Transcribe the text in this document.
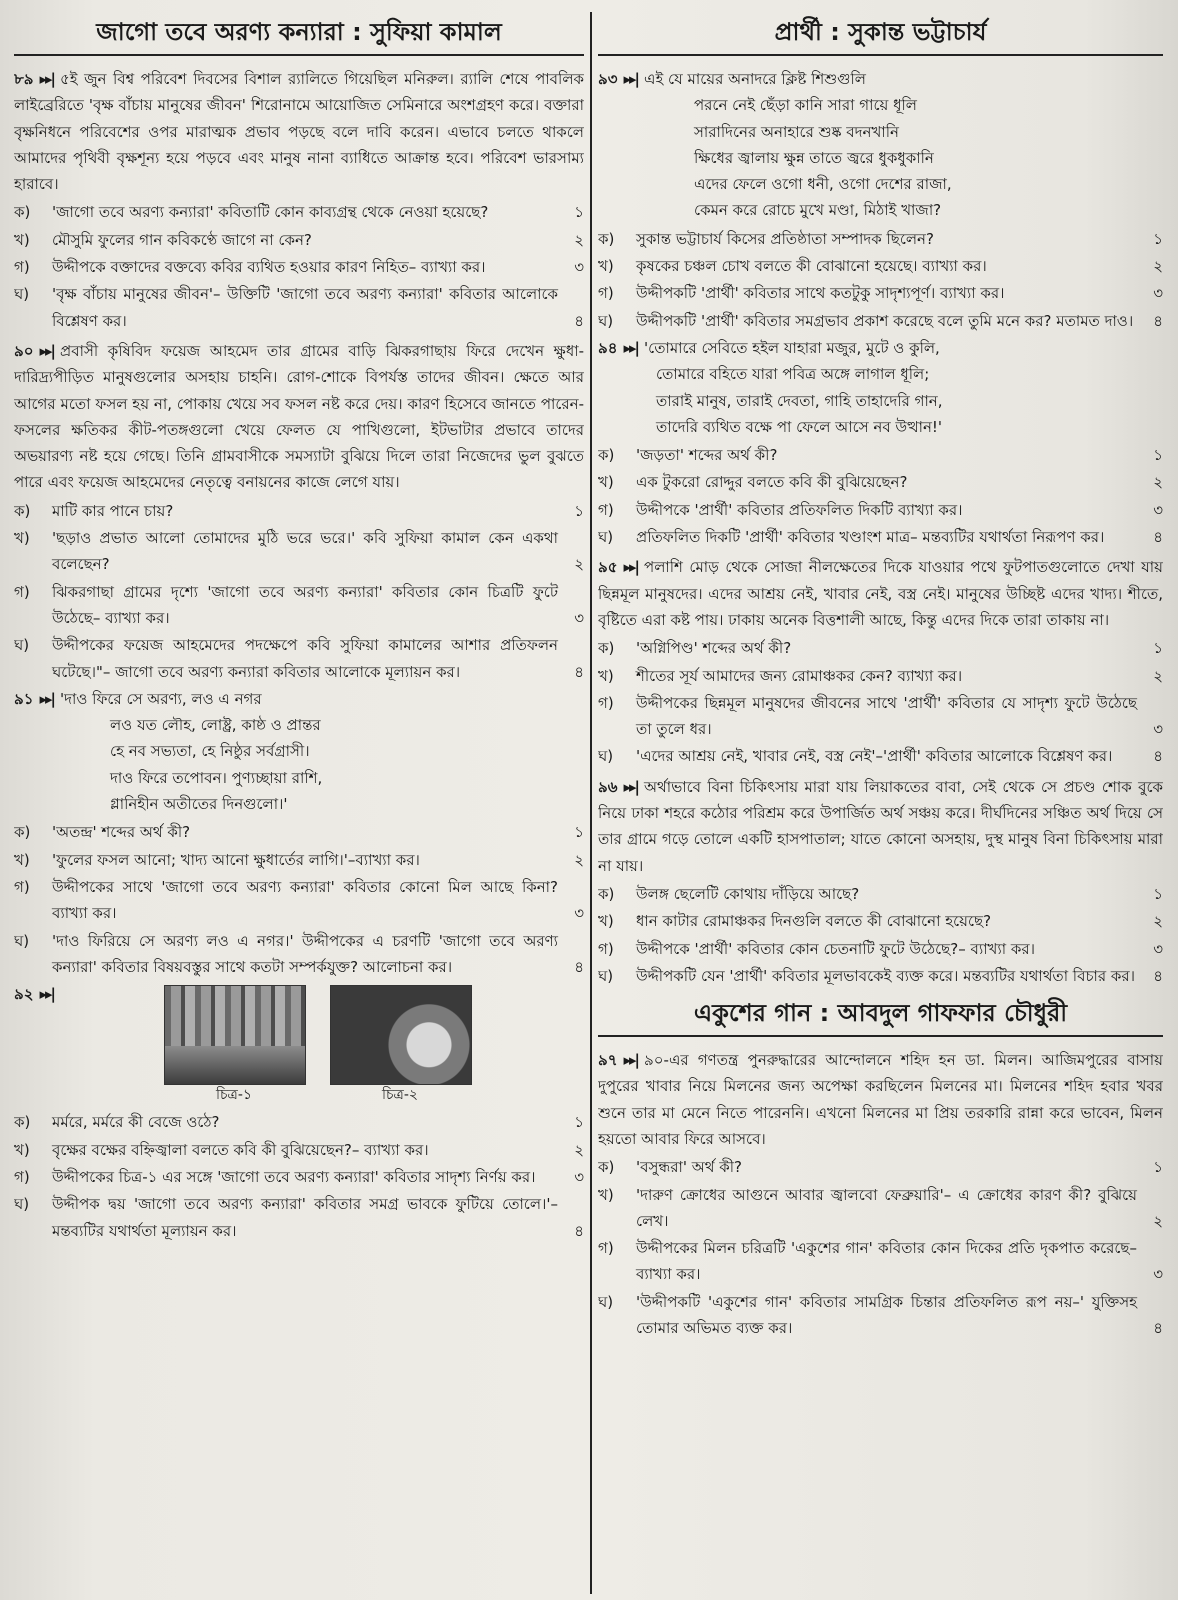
জাগো তবে অরণ্য কন্যারা : সুফিয়া কামাল

৮৯ ▸▸| ৫ই জুন বিশ্ব পরিবেশ দিবসের বিশাল র‍্যালিতে গিয়েছিল মনিরুল। র‍্যালি শেষে পাবলিক লাইব্রেরিতে 'বৃক্ষ বাঁচায় মানুষের জীবন' শিরোনামে আয়োজিত সেমিনারে অংশগ্রহণ করে। বক্তারা বৃক্ষনিধনে পরিবেশের ওপর মারাত্মক প্রভাব পড়ছে বলে দাবি করেন। এভাবে চলতে থাকলে আমাদের পৃথিবী বৃক্ষশূন্য হয়ে পড়বে এবং মানুষ নানা ব্যাধিতে আক্রান্ত হবে। পরিবেশ ভারসাম্য হারাবে।

ক)	'জাগো তবে অরণ্য কন্যারা' কবিতাটি কোন কাব্যগ্রন্থ থেকে নেওয়া হয়েছে?	১
খ)	মৌসুমি ফুলের গান কবিকণ্ঠে জাগে না কেন?	২
গ)	উদ্দীপকে বক্তাদের বক্তব্যে কবির ব্যথিত হওয়ার কারণ নিহিত– ব্যাখ্যা কর।	৩
ঘ)	'বৃক্ষ বাঁচায় মানুষের জীবন'– উক্তিটি 'জাগো তবে অরণ্য কন্যারা' কবিতার আলোকে বিশ্লেষণ কর।	৪

৯০ ▸▸| প্রবাসী কৃষিবিদ ফয়েজ আহমেদ তার গ্রামের বাড়ি ঝিকরগাছায় ফিরে দেখেন ক্ষুধা-দারিদ্র্যপীড়িত মানুষগুলোর অসহায় চাহনি। রোগ-শোকে বিপর্যস্ত তাদের জীবন। ক্ষেতে আর আগের মতো ফসল হয় না, পোকায় খেয়ে সব ফসল নষ্ট করে দেয়। কারণ হিসেবে জানতে পারেন- ফসলের ক্ষতিকর কীট-পতঙ্গগুলো খেয়ে ফেলত যে পাখিগুলো, ইটভাটার প্রভাবে তাদের অভয়ারণ্য নষ্ট হয়ে গেছে। তিনি গ্রামবাসীকে সমস্যাটা বুঝিয়ে দিলে তারা নিজেদের ভুল বুঝতে পারে এবং ফয়েজ আহমেদের নেতৃত্বে বনায়নের কাজে লেগে যায়।

ক)	মাটি কার পানে চায়?	১
খ)	'ছড়াও প্রভাত আলো তোমাদের মুঠি ভরে ভরে।' কবি সুফিয়া কামাল কেন একথা বলেছেন?	২
গ)	ঝিকরগাছা গ্রামের দৃশ্যে 'জাগো তবে অরণ্য কন্যারা' কবিতার কোন চিত্রটি ফুটে উঠেছে– ব্যাখ্যা কর।	৩
ঘ)	উদ্দীপকের ফয়েজ আহমেদের পদক্ষেপে কবি সুফিয়া কামালের আশার প্রতিফলন ঘটেছে।"– জাগো তবে অরণ্য কন্যারা কবিতার আলোকে মূল্যায়ন কর।	৪
৯১ ▸▸| 'দাও ফিরে সে অরণ্য, লও এ নগর
লও যত লৌহ, লোষ্ট্র, কাষ্ঠ ও প্রান্তর
হে নব সভ্যতা, হে নিষ্ঠুর সর্বগ্রাসী।
দাও ফিরে তপোবন। পুণ্যচ্ছায়া রাশি,
গ্লানিহীন অতীতের দিনগুলো।'
ক)	'অতন্দ্র' শব্দের অর্থ কী?	১
খ)	'ফুলের ফসল আনো; খাদ্য আনো ক্ষুধার্তের লাগি।'–ব্যাখ্যা কর।	২
গ)	উদ্দীপকের সাথে 'জাগো তবে অরণ্য কন্যারা' কবিতার কোনো মিল আছে কিনা? ব্যাখ্যা কর।	৩
ঘ)	'দাও ফিরিয়ে সে অরণ্য লও এ নগর।' উদ্দীপকের এ চরণটি 'জাগো তবে অরণ্য কন্যারা' কবিতার বিষয়বস্তুর সাথে কতটা সম্পর্কযুক্ত? আলোচনা কর।	৪
৯২ ▸▸|
চিত্র-১	চিত্র-২
ক)	মর্মরে, মর্মরে কী বেজে ওঠে?	১
খ)	বৃক্ষের বক্ষের বহ্নিজ্বালা বলতে কবি কী বুঝিয়েছেন?– ব্যাখ্যা কর।	২
গ)	উদ্দীপকের চিত্র-১ এর সঙ্গে 'জাগো তবে অরণ্য কন্যারা' কবিতার সাদৃশ্য নির্ণয় কর।	৩
ঘ)	উদ্দীপক দ্বয় 'জাগো তবে অরণ্য কন্যারা' কবিতার সমগ্র ভাবকে ফুটিয়ে তোলে।'– মন্তব্যটির যথার্থতা মূল্যায়ন কর।	৪
প্রার্থী : সুকান্ত ভট্টাচার্য
৯৩ ▸▸| এই যে মায়ের অনাদরে ক্লিষ্ট শিশুগুলি
পরনে নেই ছেঁড়া কানি সারা গায়ে ধূলি
সারাদিনের অনাহারে শুষ্ক বদনখানি
ক্ষিধের জ্বালায় ক্ষুন্ন তাতে জ্বরে ধুকধুকানি
এদের ফেলে ওগো ধনী, ওগো দেশের রাজা,
কেমন করে রোচে মুখে মণ্ডা, মিঠাই খাজা?
ক)	সুকান্ত ভট্টাচার্য কিসের প্রতিষ্ঠাতা সম্পাদক ছিলেন?	১
খ)	কৃষকের চঞ্চল চোখ বলতে কী বোঝানো হয়েছে। ব্যাখ্যা কর।	২
গ)	উদ্দীপকটি 'প্রার্থী' কবিতার সাথে কতটুকু সাদৃশ্যপূর্ণ। ব্যাখ্যা কর।	৩
ঘ)	উদ্দীপকটি 'প্রার্থী' কবিতার সমগ্রভাব প্রকাশ করেছে বলে তুমি মনে কর? মতামত দাও।	৪
৯৪ ▸▸| 'তোমারে সেবিতে হইল যাহারা মজুর, মুটে ও কুলি,
তোমারে বহিতে যারা পবিত্র অঙ্গে লাগাল ধূলি;
তারাই মানুষ, তারাই দেবতা, গাহি তাহাদেরি গান,
তাদেরি ব্যথিত বক্ষে পা ফেলে আসে নব উত্থান!'
ক)	'জড়তা' শব্দের অর্থ কী?	১
খ)	এক টুকরো রোদ্দুর বলতে কবি কী বুঝিয়েছেন?	২
গ)	উদ্দীপকে 'প্রার্থী' কবিতার প্রতিফলিত দিকটি ব্যাখ্যা কর।	৩
ঘ)	প্রতিফলিত দিকটি 'প্রার্থী' কবিতার খণ্ডাংশ মাত্র– মন্তব্যটির যথার্থতা নিরূপণ কর।	৪

৯৫ ▸▸| পলাশি মোড় থেকে সোজা নীলক্ষেতের দিকে যাওয়ার পথে ফুটপাতগুলোতে দেখা যায় ছিন্নমূল মানুষদের। এদের আশ্রয় নেই, খাবার নেই, বস্ত্র নেই। মানুষের উচ্ছিষ্ট এদের খাদ্য। শীতে, বৃষ্টিতে এরা কষ্ট পায়। ঢাকায় অনেক বিত্তশালী আছে, কিন্তু এদের দিকে তারা তাকায় না।

ক)	'অগ্নিপিণ্ড' শব্দের অর্থ কী?	১
খ)	শীতের সূর্য আমাদের জন্য রোমাঞ্চকর কেন? ব্যাখ্যা কর।	২
গ)	উদ্দীপকের ছিন্নমূল মানুষদের জীবনের সাথে 'প্রার্থী' কবিতার যে সাদৃশ্য ফুটে উঠেছে তা তুলে ধর।	৩
ঘ)	'এদের আশ্রয় নেই, খাবার নেই, বস্ত্র নেই'–'প্রার্থী' কবিতার আলোকে বিশ্লেষণ কর।	৪

৯৬ ▸▸| অর্থাভাবে বিনা চিকিৎসায় মারা যায় লিয়াকতের বাবা, সেই থেকে সে প্রচণ্ড শোক বুকে নিয়ে ঢাকা শহরে কঠোর পরিশ্রম করে উপার্জিত অর্থ সঞ্চয় করে। দীর্ঘদিনের সঞ্চিত অর্থ দিয়ে সে তার গ্রামে গড়ে তোলে একটি হাসপাতাল; যাতে কোনো অসহায়, দুস্থ মানুষ বিনা চিকিৎসায় মারা না যায়।

ক)	উলঙ্গ ছেলেটি কোথায় দাঁড়িয়ে আছে?	১
খ)	ধান কাটার রোমাঞ্চকর দিনগুলি বলতে কী বোঝানো হয়েছে?	২
গ)	উদ্দীপকে 'প্রার্থী' কবিতার কোন চেতনাটি ফুটে উঠেছে?– ব্যাখ্যা কর।	৩
ঘ)	উদ্দীপকটি যেন 'প্রার্থী' কবিতার মূলভাবকেই ব্যক্ত করে। মন্তব্যটির যথার্থতা বিচার কর।	৪
একুশের গান : আবদুল গাফফার চৌধুরী

৯৭ ▸▸| ৯০-এর গণতন্ত্র পুনরুদ্ধারের আন্দোলনে শহিদ হন ডা. মিলন। আজিমপুরের বাসায় দুপুরের খাবার নিয়ে মিলনের জন্য অপেক্ষা করছিলেন মিলনের মা। মিলনের শহিদ হবার খবর শুনে তার মা মেনে নিতে পারেননি। এখনো মিলনের মা প্রিয় তরকারি রান্না করে ভাবেন, মিলন হয়তো আবার ফিরে আসবে।

ক)	'বসুন্ধরা' অর্থ কী?	১
খ)	'দারুণ ক্রোধের আগুনে আবার জ্বালবো ফেব্রুয়ারি'– এ ক্রোধের কারণ কী? বুঝিয়ে লেখ।	২
গ)	উদ্দীপকের মিলন চরিত্রটি 'একুশের গান' কবিতার কোন দিকের প্রতি দৃকপাত করেছে– ব্যাখ্যা কর।	৩
ঘ)	'উদ্দীপকটি 'একুশের গান' কবিতার সামগ্রিক চিন্তার প্রতিফলিত রূপ নয়–' যুক্তিসহ তোমার অভিমত ব্যক্ত কর।	৪
